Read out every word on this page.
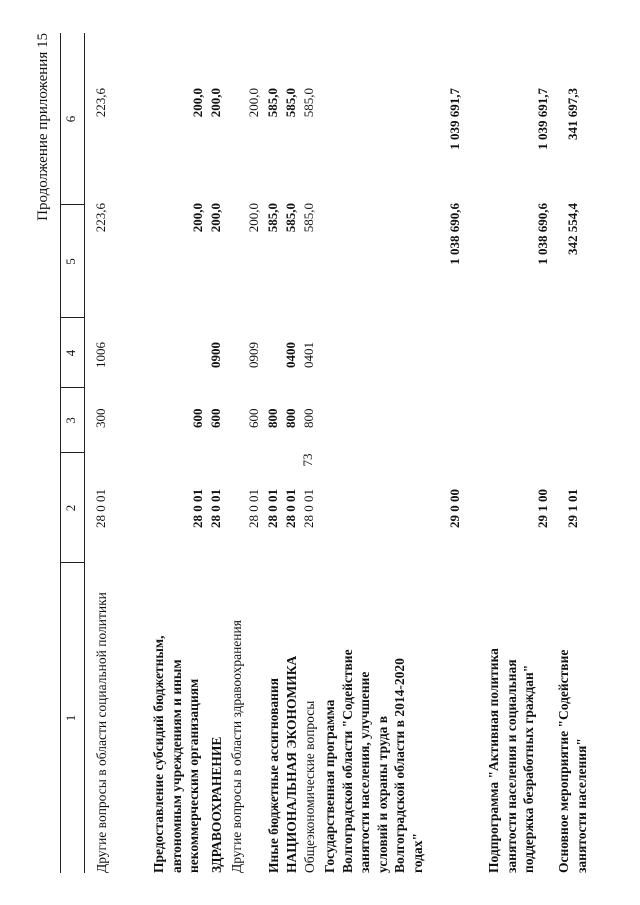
73
Продолжение приложения 15
1
2
3
4
5
6
Другие вопросы в области социальной политики
28 0 01
300
1006
223,6
223,6
Предоставление субсидий бюджетным, автономным учреждениям и иным некоммерческим организациям
28 0 01
600
200,0
200,0
ЗДРАВООХРАНЕНИЕ
28 0 01
600
0900
200,0
200,0
Другие вопросы в области здравоохранения
28 0 01
600
0909
200,0
200,0
Иные бюджетные ассигнования
28 0 01
800
585,0
585,0
НАЦИОНАЛЬНАЯ ЭКОНОМИКА
28 0 01
800
0400
585,0
585,0
Общеэкономические вопросы
28 0 01
800
0401
585,0
585,0
Государственная программа Волгоградской области "Содействие занятости населения, улучшение условий и охраны труда в Волгоградской области в 2014-2020 годах"
29 0 00
1 038 690,6
1 039 691,7
Подпрограмма "Активная политика занятости населения и социальная поддержка безработных граждан"
29 1 00
1 038 690,6
1 039 691,7
Основное мероприятие "Содействие занятости населения"
29 1 01
342 554,4
341 697,3
